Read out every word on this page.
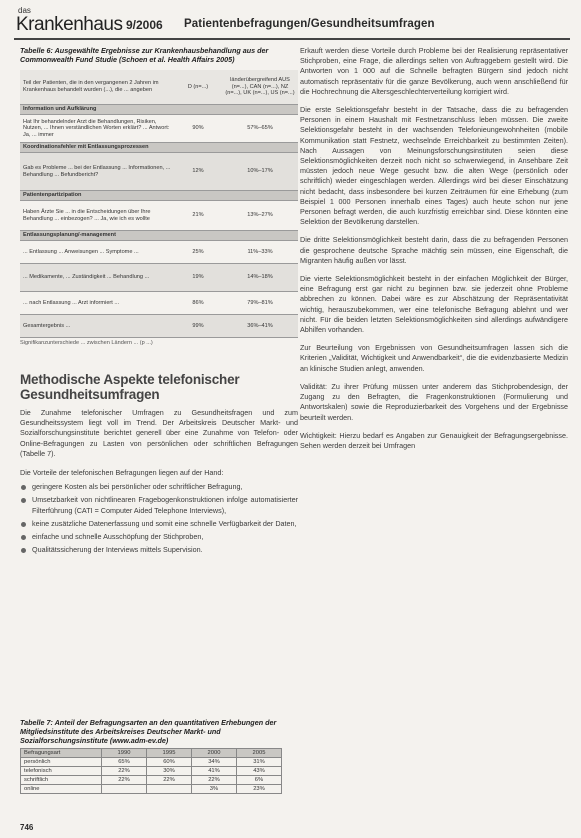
das
Krankenhaus 9/2006 Patientenbefragungen/Gesundheitsumfragen
Tabelle 6: Ausgewählte Ergebnisse zur Krankenhausbehandlung aus der Commonwealth Fund Studie (Schoen et al. Health Affairs 2005)
Teil der Patienten, die in den vergangenen 2 Jahren im Krankenhaus behandelt wurden (...), die ... angeben	D (n=...)	länderübergreifend AUS (n=...), CAN (n=...), NZ (n=...), UK (n=...), US (n=...)
Information und Aufklärung		
Hat Ihr behandelnder Arzt die Behandlungen, Risiken, Nutzen, ... Ihnen verständlichen Worten erklärt? ... Antwort: Ja, ... immer	90%	57%–65%
Koordinationsfehler mit Entlassungsprozessen		
Gab es Probleme ... bei der Entlassung ... Informationen, ... Behandlung ... Befundbericht?	12%	10%–17%
Patientenpartizipation		
Haben Ärzte Sie ... in die Entscheidungen über Ihre Behandlung ... einbezogen? ... Ja, wie ich es wollte	21%	13%–27%
Entlassungsplanung/-management		
... Entlassung ... Anweisungen ... Symptome ...	25%	11%–33%
... Medikamente, ... Zuständigkeit ... Behandlung ...	19%	14%–18%
... nach Entlassung ... Arzt informiert ...	86%	79%–81%
Gesamtergebnis ...	99%	36%–41%
Signifikanzunterschiede ... zwischen Ländern ... (p ...)
Methodische Aspekte telefonischer Gesundheitsumfragen

Die Zunahme telefonischer Umfragen zu Gesundheitsfragen und zum Gesundheitssystem liegt voll im Trend. Der Arbeitskreis Deutscher Markt- und Sozialforschungsinstitute berichtet generell über eine Zunahme von Telefon- oder Online-Befragungen zu Lasten von persönlichen oder schriftlichen Befragungen (Tabelle 7).

Die Vorteile der telefonischen Befragungen liegen auf der Hand:

geringere Kosten als bei persönlicher oder schriftlicher Befragung,
Umsetzbarkeit von nichtlinearen Fragebogenkonstruktionen infolge automatisierter Filterführung (CATI = Computer Aided Telephone Interviews),
keine zusätzliche Datenerfassung und somit eine schnelle Verfügbarkeit der Daten,
einfache und schnelle Ausschöpfung der Stichproben,
Qualitätssicherung der Interviews mittels Supervision.
Tabelle 7: Anteil der Befragungsarten an den quantitativen Erhebungen der Mitgliedsinstitute des Arbeitskreises Deutscher Markt- und Sozialforschungsinstitute (www.adm-ev.de)
Befragungsart	1990	1995	2000	2005
persönlich	65%	60%	34%	31%
telefonisch	22%	30%	41%	43%
schriftlich	22%	22%	22%	6%
online			3%	23%

Erkauft werden diese Vorteile durch Probleme bei der Realisierung repräsentativer Stichproben, eine Frage, die allerdings selten von Auftraggebern gestellt wird. Die Antworten von 1 000 auf die Schnelle befragten Bürgern sind jedoch nicht automatisch repräsentativ für die ganze Bevölkerung, auch wenn anschließend für die Hochrechnung die Altersgeschlechterverteilung korrigiert wird.

Die erste Selektionsgefahr besteht in der Tatsache, dass die zu befragenden Personen in einem Haushalt mit Festnetzanschluss leben müssen. Die zweite Selektionsgefahr besteht in der wachsenden Telefonieungewohnheiten (mobile Kommunikation statt Festnetz, wechselnde Erreichbarkeit zu bestimmten Zeiten). Nach Aussagen von Meinungsforschungsinstituten seien diese Selektionsmöglichkeiten derzeit noch nicht so schwerwiegend, in Ansehbare Zeit müssten jedoch neue Wege gesucht bzw. die alten Wege (persönlich oder schriftlich) wieder eingeschlagen werden. Allerdings wird bei dieser Einschätzung nicht bedacht, dass insbesondere bei kurzen Zeiträumen für eine Erhebung (zum Beispiel 1 000 Personen innerhalb eines Tages) auch heute schon nur jene Personen befragt werden, die auch kurzfristig erreichbar sind. Diese könnten eine Selektion der Bevölkerung darstellen.

Die dritte Selektionsmöglichkeit besteht darin, dass die zu befragenden Personen die gesprochene deutsche Sprache mächtig sein müssen, eine Eigenschaft, die Migranten häufig außen vor lässt.

Die vierte Selektionsmöglichkeit besteht in der einfachen Möglichkeit der Bürger, eine Befragung erst gar nicht zu beginnen bzw. sie jederzeit ohne Probleme abbrechen zu können. Dabei wäre es zur Abschätzung der Repräsentativität wichtig, herauszubekommen, wer eine telefonische Befragung ablehnt und wer nicht. Für die beiden letzten Selektionsmöglichkeiten sind allerdings aufwändigere Abhilfen vorhanden.

Zur Beurteilung von Ergebnissen von Gesundheitsumfragen lassen sich die Kriterien „Validität, Wichtigkeit und Anwendbarkeit“, die die evidenzbasierte Medizin an klinische Studien anlegt, anwenden.

Validität: Zu ihrer Prüfung müssen unter anderem das Stichprobendesign, der Zugang zu den Befragten, die Fragenkonstruktionen (Formulierung und Antwortskalen) sowie die Reproduzierbarkeit des Vorgehens und der Ergebnisse beurteilt werden.

Wichtigkeit: Hierzu bedarf es Angaben zur Genauigkeit der Befragungsergebnisse. Sehen werden derzeit bei Umfragen

746
